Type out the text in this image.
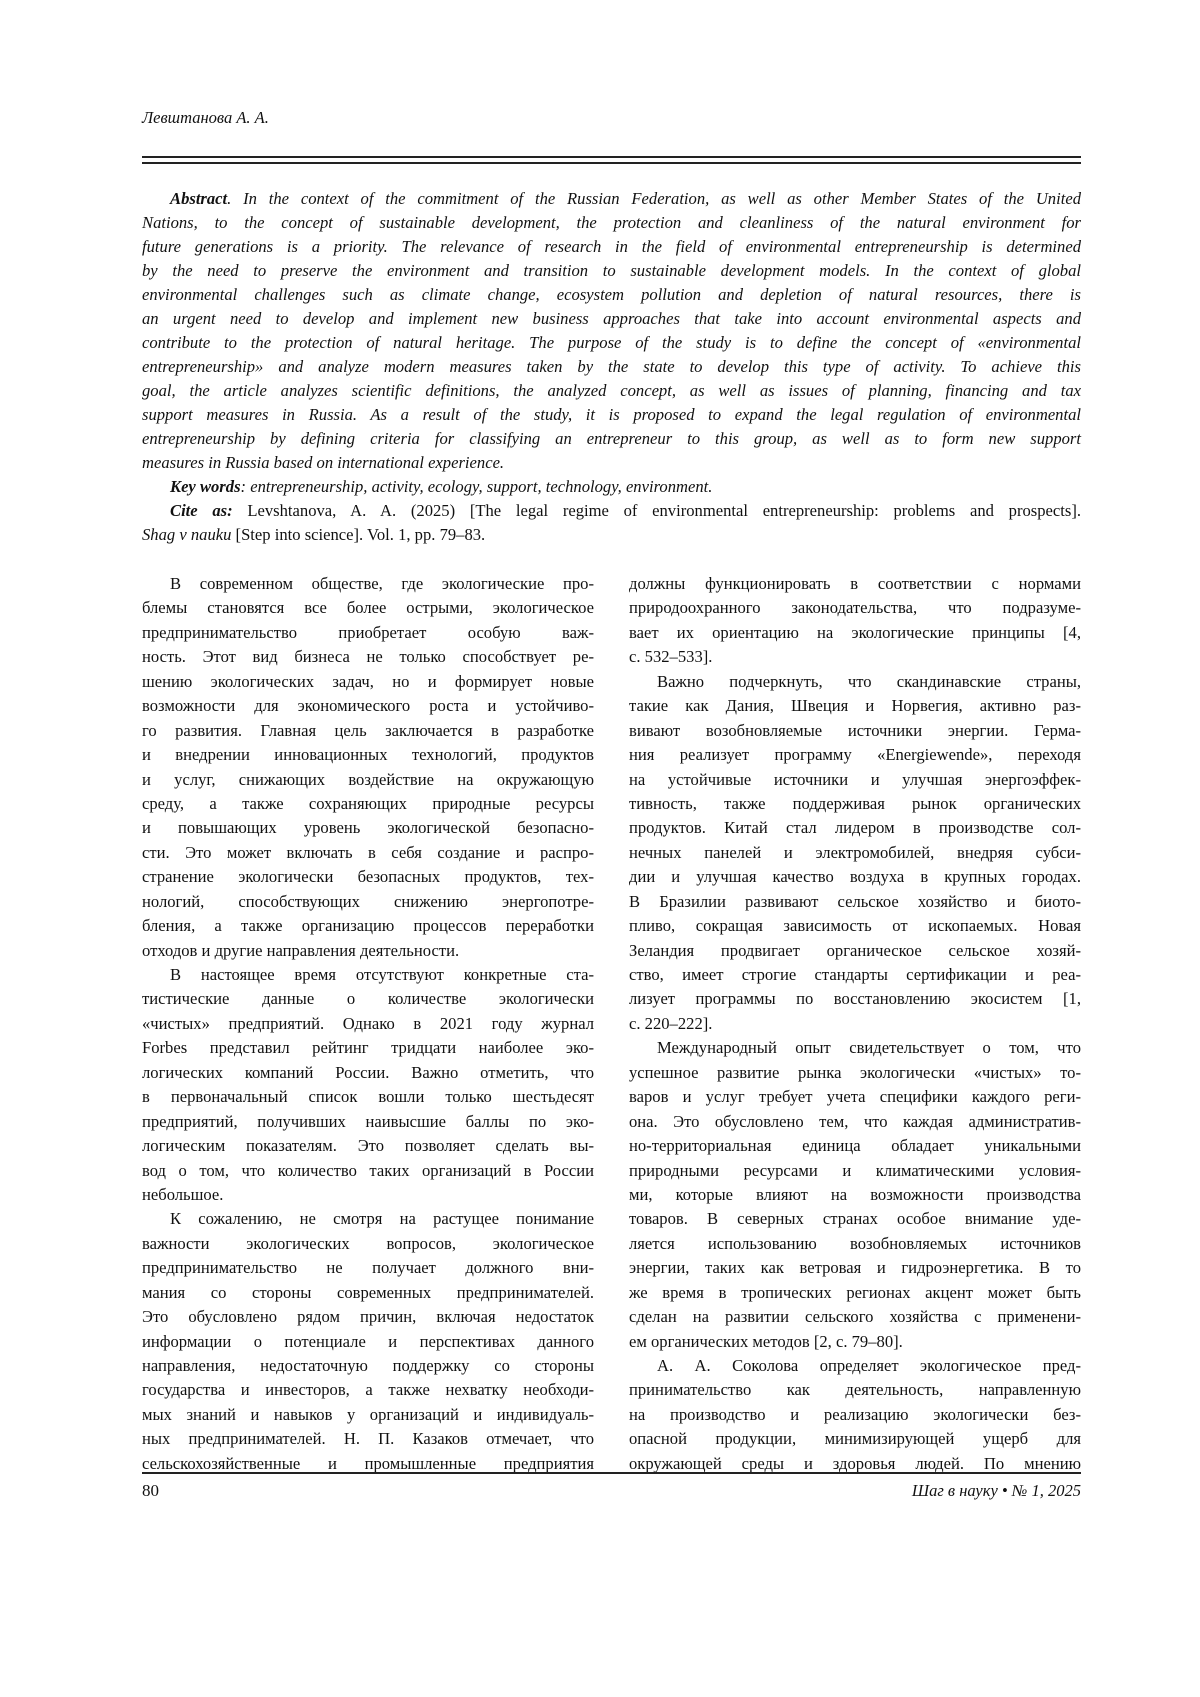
Левштанова А. А.
Abstract. In the context of the commitment of the Russian Federation, as well as other Member States of the United
Nations, to the concept of sustainable development, the protection and cleanliness of the natural environment for
future generations is a priority. The relevance of research in the field of environmental entrepreneurship is determined
by the need to preserve the environment and transition to sustainable development models. In the context of global
environmental challenges such as climate change, ecosystem pollution and depletion of natural resources, there is
an urgent need to develop and implement new business approaches that take into account environmental aspects and
contribute to the protection of natural heritage. The purpose of the study is to define the concept of «environmental
entrepreneurship» and analyze modern measures taken by the state to develop this type of activity. To achieve this
goal, the article analyzes scientific definitions, the analyzed concept, as well as issues of planning, financing and tax
support measures in Russia. As a result of the study, it is proposed to expand the legal regulation of environmental
entrepreneurship by defining criteria for classifying an entrepreneur to this group, as well as to form new support
measures in Russia based on international experience.
Key words: entrepreneurship, activity, ecology, support, technology, environment.
Cite as: Levshtanova, A. A. (2025) [The legal regime of environmental entrepreneurship: problems and prospects].
Shag v nauku [Step into science]. Vol. 1, pp. 79–83.
В современном обществе, где экологические про-
блемы становятся все более острыми, экологическое
предпринимательство приобретает особую важ-
ность. Этот вид бизнеса не только способствует ре-
шению экологических задач, но и формирует новые
возможности для экономического роста и устойчиво-
го развития. Главная цель заключается в разработке
и внедрении инновационных технологий, продуктов
и услуг, снижающих воздействие на окружающую
среду, а также сохраняющих природные ресурсы
и повышающих уровень экологической безопасно-
сти. Это может включать в себя создание и распро-
странение экологически безопасных продуктов, тех-
нологий, способствующих снижению энергопотре-
бления, а также организацию процессов переработки
отходов и другие направления деятельности.
В настоящее время отсутствуют конкретные ста-
тистические данные о количестве экологически
«чистых» предприятий. Однако в 2021 году журнал
Forbes представил рейтинг тридцати наиболее эко-
логических компаний России. Важно отметить, что
в первоначальный список вошли только шестьдесят
предприятий, получивших наивысшие баллы по эко-
логическим показателям. Это позволяет сделать вы-
вод о том, что количество таких организаций в России
небольшое.
К сожалению, не смотря на растущее понимание
важности экологических вопросов, экологическое
предпринимательство не получает должного вни-
мания со стороны современных предпринимателей.
Это обусловлено рядом причин, включая недостаток
информации о потенциале и перспективах данного
направления, недостаточную поддержку со стороны
государства и инвесторов, а также нехватку необходи-
мых знаний и навыков у организаций и индивидуаль-
ных предпринимателей. Н. П. Казаков отмечает, что
сельскохозяйственные и промышленные предприятия
должны функционировать в соответствии с нормами
природоохранного законодательства, что подразуме-
вает их ориентацию на экологические принципы [4,
с. 532–533].
Важно подчеркнуть, что скандинавские страны,
такие как Дания, Швеция и Норвегия, активно раз-
вивают возобновляемые источники энергии. Герма-
ния реализует программу «Energiewende», переходя
на устойчивые источники и улучшая энергоэффек-
тивность, также поддерживая рынок органических
продуктов. Китай стал лидером в производстве сол-
нечных панелей и электромобилей, внедряя субси-
дии и улучшая качество воздуха в крупных городах.
В Бразилии развивают сельское хозяйство и биото-
пливо, сокращая зависимость от ископаемых. Новая
Зеландия продвигает органическое сельское хозяй-
ство, имеет строгие стандарты сертификации и реа-
лизует программы по восстановлению экосистем [1,
с. 220–222].
Международный опыт свидетельствует о том, что
успешное развитие рынка экологически «чистых» то-
варов и услуг требует учета специфики каждого реги-
она. Это обусловлено тем, что каждая административ-
но-территориальная единица обладает уникальными
природными ресурсами и климатическими условия-
ми, которые влияют на возможности производства
товаров. В северных странах особое внимание уде-
ляется использованию возобновляемых источников
энергии, таких как ветровая и гидроэнергетика. В то
же время в тропических регионах акцент может быть
сделан на развитии сельского хозяйства с применени-
ем органических методов [2, с. 79–80].
А. А. Соколова определяет экологическое пред-
принимательство как деятельность, направленную
на производство и реализацию экологически без-
опасной продукции, минимизирующей ущерб для
окружающей среды и здоровья людей. По мнению
80	Шаг в науку • № 1, 2025
